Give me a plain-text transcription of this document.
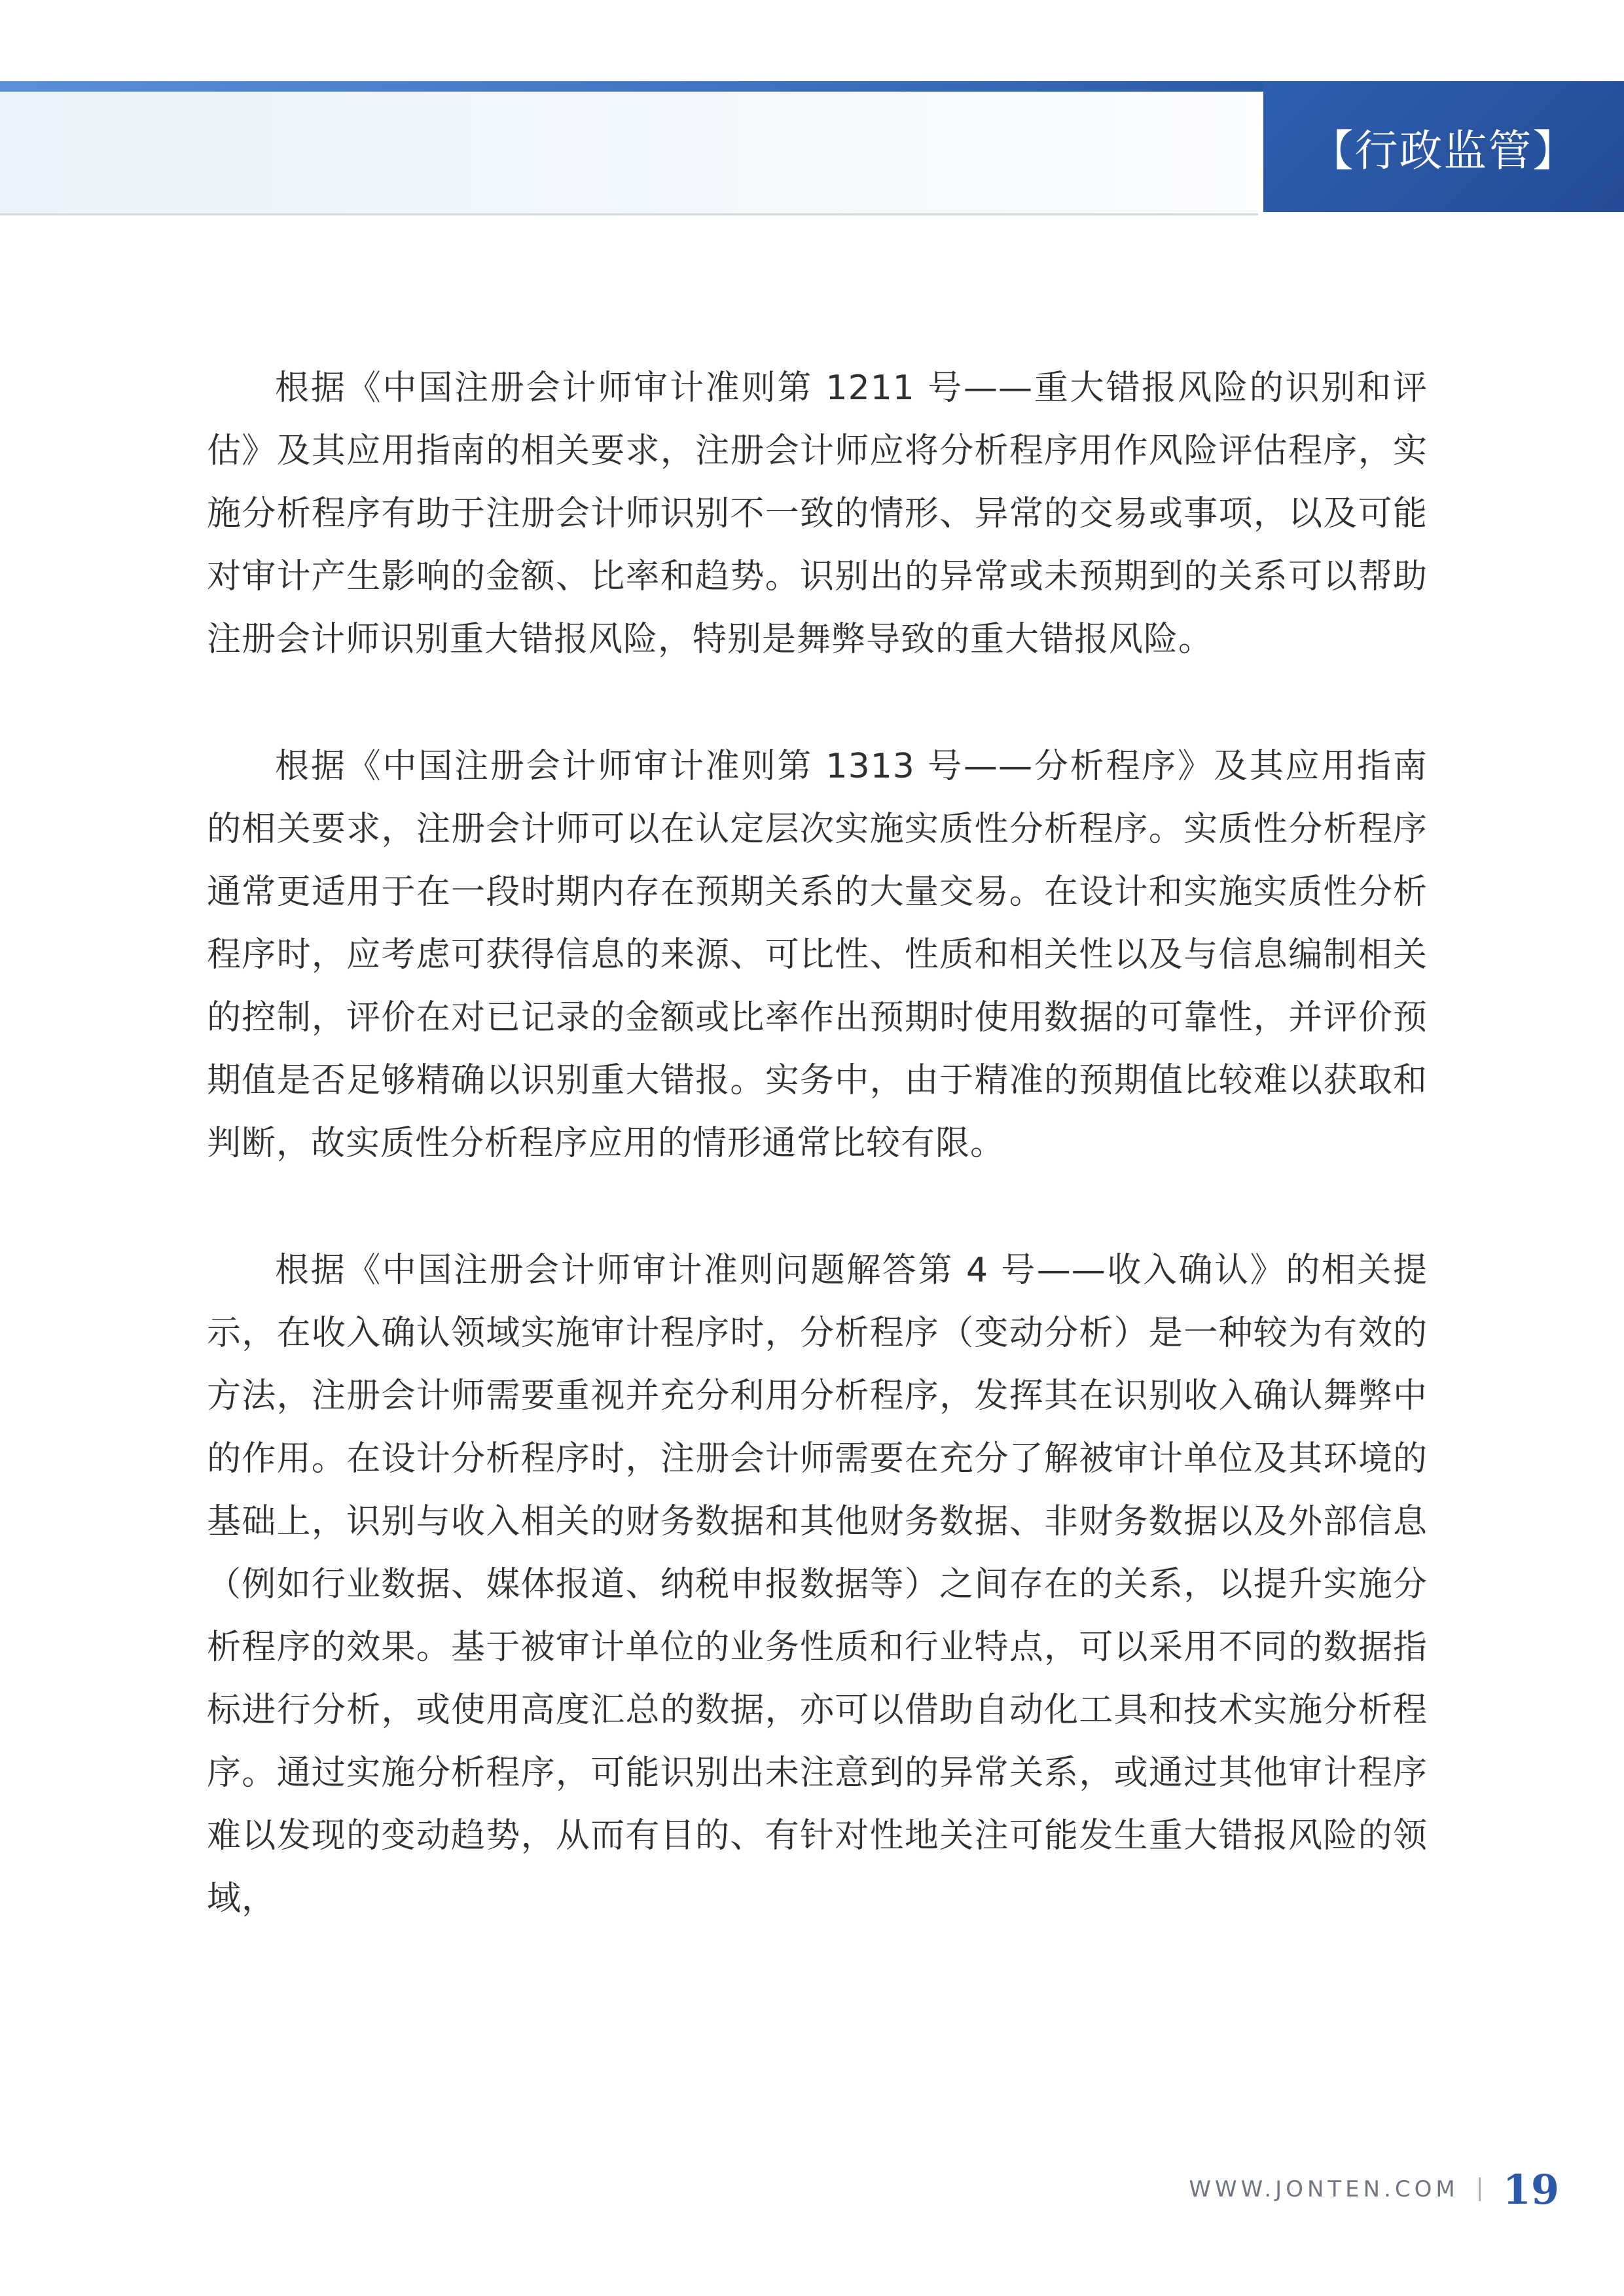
【行政监管】

根据《中国注册会计师审计准则第 1211 号——重大错报风险的识别和评估》及其应用指南的相关要求，注册会计师应将分析程序用作风险评估程序，实施分析程序有助于注册会计师识别不一致的情形、异常的交易或事项，以及可能对审计产生影响的金额、比率和趋势。识别出的异常或未预期到的关系可以帮助注册会计师识别重大错报风险，特别是舞弊导致的重大错报风险。

根据《中国注册会计师审计准则第 1313 号——分析程序》及其应用指南的相关要求，注册会计师可以在认定层次实施实质性分析程序。实质性分析程序通常更适用于在一段时期内存在预期关系的大量交易。在设计和实施实质性分析程序时，应考虑可获得信息的来源、可比性、性质和相关性以及与信息编制相关的控制，评价在对已记录的金额或比率作出预期时使用数据的可靠性，并评价预期值是否足够精确以识别重大错报。实务中，由于精准的预期值比较难以获取和判断，故实质性分析程序应用的情形通常比较有限。

根据《中国注册会计师审计准则问题解答第 4 号——收入确认》的相关提示，在收入确认领域实施审计程序时，分析程序（变动分析）是一种较为有效的方法，注册会计师需要重视并充分利用分析程序，发挥其在识别收入确认舞弊中的作用。在设计分析程序时，注册会计师需要在充分了解被审计单位及其环境的基础上，识别与收入相关的财务数据和其他财务数据、非财务数据以及外部信息（例如行业数据、媒体报道、纳税申报数据等）之间存在的关系，以提升实施分析程序的效果。基于被审计单位的业务性质和行业特点，可以采用不同的数据指标进行分析，或使用高度汇总的数据，亦可以借助自动化工具和技术实施分析程序。通过实施分析程序，可能识别出未注意到的异常关系，或通过其他审计程序难以发现的变动趋势，从而有目的、有针对性地关注可能发生重大错报风险的领域，

WWW.JONTEN.COM 19
